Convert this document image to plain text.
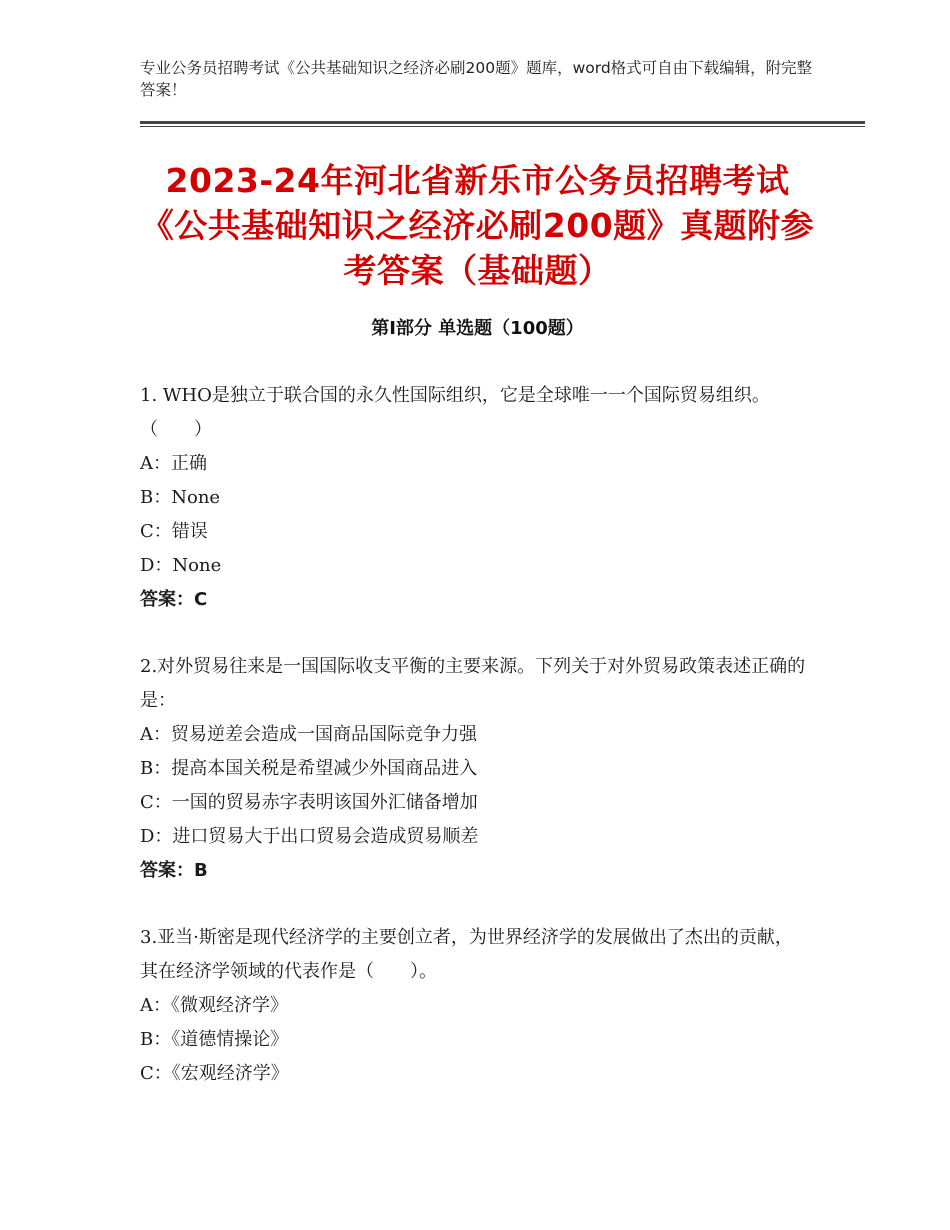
专业公务员招聘考试《公共基础知识之经济必刷200题》题库，word格式可自由下载编辑，附完整答案！
2023-24年河北省新乐市公务员招聘考试《公共基础知识之经济必刷200题》真题附参考答案（基础题）
第Ⅰ部分 单选题（100题）
1. WHO是独立于联合国的永久性国际组织，它是全球唯一一个国际贸易组织。（　　）
A：正确
B：None
C：错误
D：None
答案：C
2.对外贸易往来是一国国际收支平衡的主要来源。下列关于对外贸易政策表述正确的是：
A：贸易逆差会造成一国商品国际竞争力强
B：提高本国关税是希望减少外国商品进入
C：一国的贸易赤字表明该国外汇储备增加
D：进口贸易大于出口贸易会造成贸易顺差
答案：B
3.亚当·斯密是现代经济学的主要创立者，为世界经济学的发展做出了杰出的贡献，其在经济学领域的代表作是（　　）。
A：《微观经济学》
B：《道德情操论》
C：《宏观经济学》
